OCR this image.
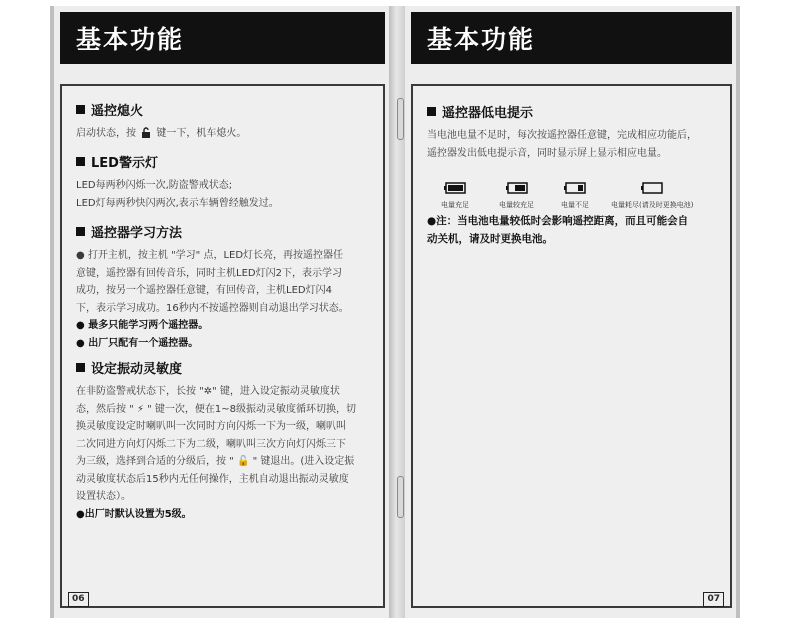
基本功能
遥控熄火
启动状态，按 键一下，机车熄火。
LED警示灯
LED每两秒闪烁一次,防盗警戒状态;
LED灯每两秒快闪两次,表示车辆曾经触发过。
遥控器学习方法
● 打开主机，按主机 "学习" 点，LED灯长亮，再按遥控器任
意键，遥控器有回传音乐，同时主机LED灯闪2下，表示学习
成功，按另一个遥控器任意键，有回传音，主机LED灯闪4
下，表示学习成功。16秒内不按遥控器则自动退出学习状态。
● 最多只能学习两个遥控器。
● 出厂只配有一个遥控器。
设定振动灵敏度
在非防盗警戒状态下，长按 "✲" 键，进入设定振动灵敏度状
态，然后按 " ⚡ " 键一次，便在1~8级振动灵敏度循环切换，切
换灵敏度设定时喇叭叫一次同时方向闪烁一下为一级，喇叭叫
二次同进方向灯闪烁二下为二级，喇叭叫三次方向灯闪烁三下
为三级，选择到合适的分级后，按 " 🔓 " 键退出。(进入设定振
动灵敏度状态后15秒内无任何操作，主机自动退出振动灵敏度
设置状态）。
●出厂时默认设置为5级。
06
基本功能
遥控器低电提示
当电池电量不足时，每次按遥控器任意键，完成相应功能后，
遥控器发出低电提示音，同时显示屏上显示相应电量。
电量充足	电量较充足	电量不足	电量耗尽(请及时更换电池)
●注：当电池电量较低时会影响遥控距离，而且可能会自
动关机，请及时更换电池。
07
